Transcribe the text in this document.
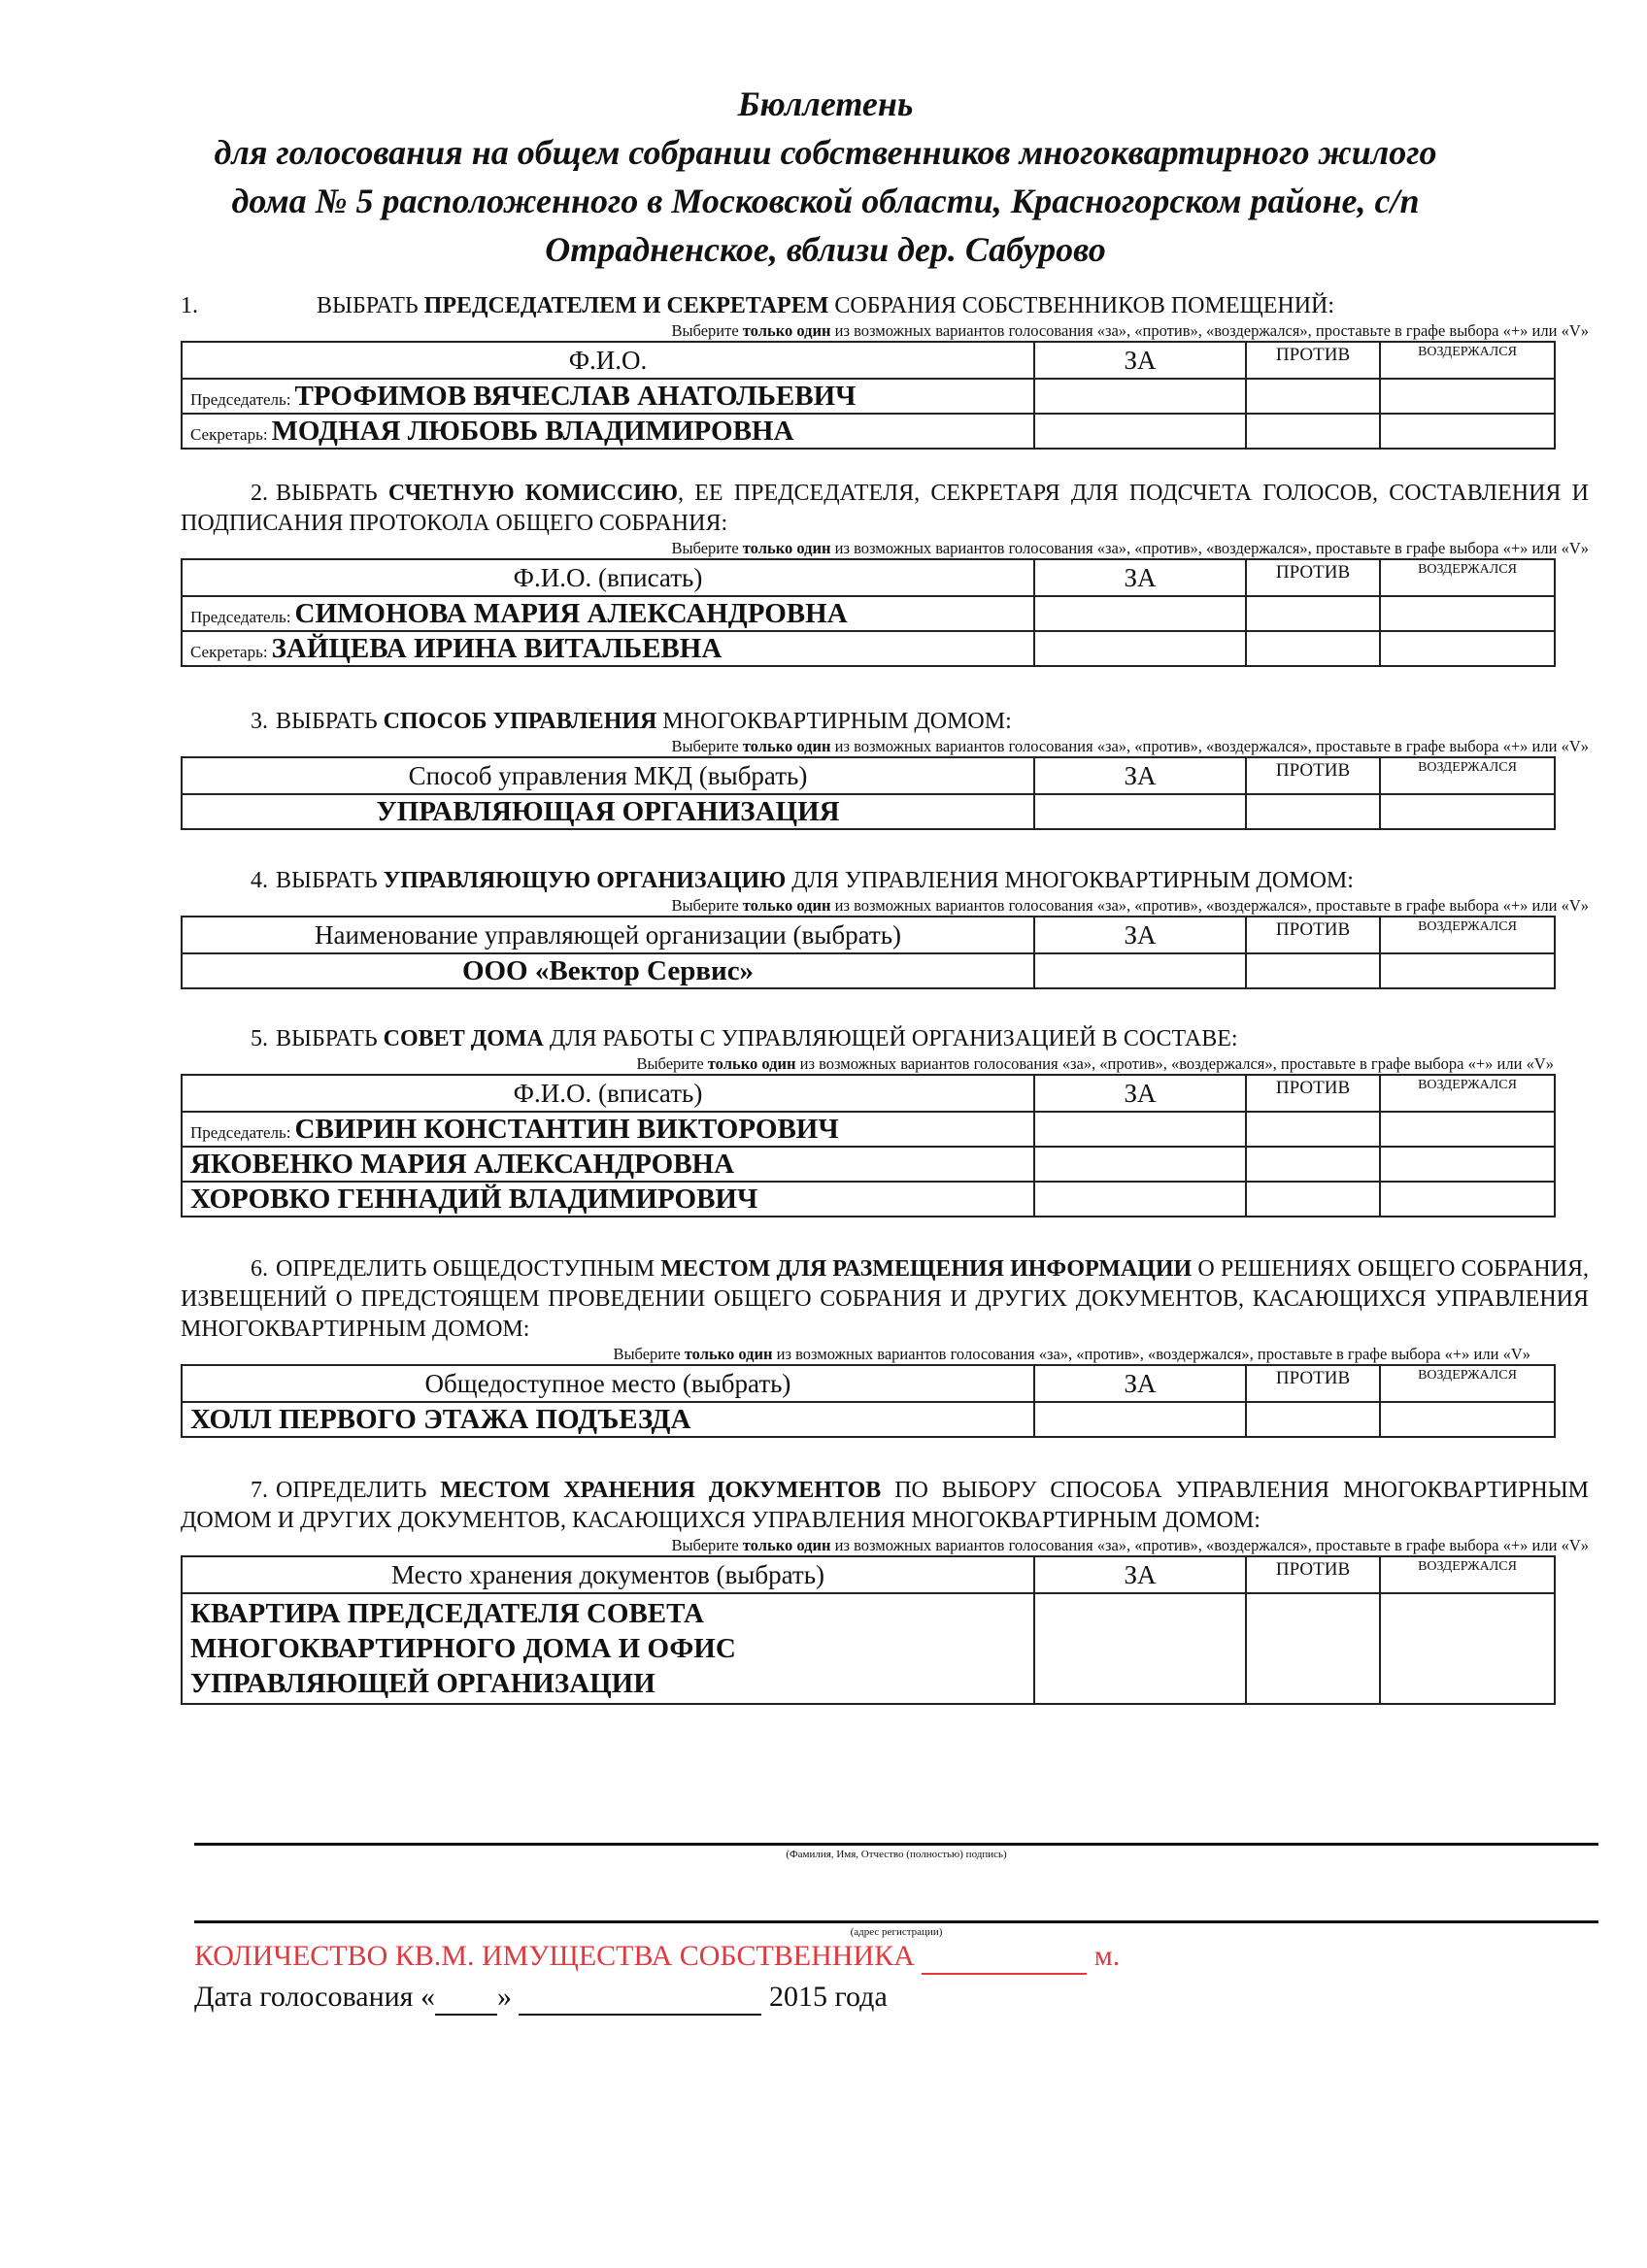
Бюллетень
для голосования на общем собрании собственников многоквартирного жилого дома № 5 расположенного в Московской области, Красногорском районе, с/п Отрадненское, вблизи дер. Сабурово
1.	ВЫБРАТЬ ПРЕДСЕДАТЕЛЕМ И СЕКРЕТАРЕМ СОБРАНИЯ СОБСТВЕННИКОВ ПОМЕЩЕНИЙ:
Выберите только один из возможных вариантов голосования «за», «против», «воздержался», проставьте в графе выбора «+» или «V»
Ф.И.О.	ЗА	ПРОТИВ	ВОЗДЕРЖАЛСЯ
Председатель: ТРОФИМОВ ВЯЧЕСЛАВ АНАТОЛЬЕВИЧ			
Секретарь: МОДНАЯ ЛЮБОВЬ ВЛАДИМИРОВНА			
2. ВЫБРАТЬ СЧЕТНУЮ КОМИССИЮ, ЕЕ ПРЕДСЕДАТЕЛЯ, СЕКРЕТАРЯ ДЛЯ ПОДСЧЕТА ГОЛОСОВ, СОСТАВЛЕНИЯ И ПОДПИСАНИЯ ПРОТОКОЛА ОБЩЕГО СОБРАНИЯ:
Выберите только один из возможных вариантов голосования «за», «против», «воздержался», проставьте в графе выбора «+» или «V»
Ф.И.О. (вписать)	ЗА	ПРОТИВ	ВОЗДЕРЖАЛСЯ
Председатель: СИМОНОВА МАРИЯ АЛЕКСАНДРОВНА			
Секретарь: ЗАЙЦЕВА ИРИНА ВИТАЛЬЕВНА			
3. ВЫБРАТЬ СПОСОБ УПРАВЛЕНИЯ МНОГОКВАРТИРНЫМ ДОМОМ:
Выберите только один из возможных вариантов голосования «за», «против», «воздержался», проставьте в графе выбора «+» или «V»
Способ управления МКД (выбрать)	ЗА	ПРОТИВ	ВОЗДЕРЖАЛСЯ
УПРАВЛЯЮЩАЯ ОРГАНИЗАЦИЯ			
4. ВЫБРАТЬ УПРАВЛЯЮЩУЮ ОРГАНИЗАЦИЮ ДЛЯ УПРАВЛЕНИЯ МНОГОКВАРТИРНЫМ ДОМОМ:
Выберите только один из возможных вариантов голосования «за», «против», «воздержался», проставьте в графе выбора «+» или «V»
Наименование управляющей организации (выбрать)	ЗА	ПРОТИВ	ВОЗДЕРЖАЛСЯ
ООО «Вектор Сервис»			
5. ВЫБРАТЬ СОВЕТ ДОМА ДЛЯ РАБОТЫ С УПРАВЛЯЮЩЕЙ ОРГАНИЗАЦИЕЙ В СОСТАВЕ:
Выберите только один из возможных вариантов голосования «за», «против», «воздержался», проставьте в графе выбора «+» или «V»
Ф.И.О. (вписать)	ЗА	ПРОТИВ	ВОЗДЕРЖАЛСЯ
Председатель: СВИРИН КОНСТАНТИН ВИКТОРОВИЧ			
ЯКОВЕНКО МАРИЯ АЛЕКСАНДРОВНА			
ХОРОВКО ГЕННАДИЙ ВЛАДИМИРОВИЧ			
6. ОПРЕДЕЛИТЬ ОБЩЕДОСТУПНЫМ МЕСТОМ ДЛЯ РАЗМЕЩЕНИЯ ИНФОРМАЦИИ О РЕШЕНИЯХ ОБЩЕГО СОБРАНИЯ, ИЗВЕЩЕНИЙ О ПРЕДСТОЯЩЕМ ПРОВЕДЕНИИ ОБЩЕГО СОБРАНИЯ И ДРУГИХ ДОКУМЕНТОВ, КАСАЮЩИХСЯ УПРАВЛЕНИЯ МНОГОКВАРТИРНЫМ ДОМОМ:
Выберите только один из возможных вариантов голосования «за», «против», «воздержался», проставьте в графе выбора «+» или «V»
Общедоступное место (выбрать)	ЗА	ПРОТИВ	ВОЗДЕРЖАЛСЯ
ХОЛЛ ПЕРВОГО ЭТАЖА ПОДЪЕЗДА			
7. ОПРЕДЕЛИТЬ МЕСТОМ ХРАНЕНИЯ ДОКУМЕНТОВ ПО ВЫБОРУ СПОСОБА УПРАВЛЕНИЯ МНОГОКВАРТИРНЫМ ДОМОМ И ДРУГИХ ДОКУМЕНТОВ, КАСАЮЩИХСЯ УПРАВЛЕНИЯ МНОГОКВАРТИРНЫМ ДОМОМ:
Выберите только один из возможных вариантов голосования «за», «против», «воздержался», проставьте в графе выбора «+» или «V»
Место хранения документов (выбрать)	ЗА	ПРОТИВ	ВОЗДЕРЖАЛСЯ

КВАРТИРА ПРЕДСЕДАТЕЛЯ СОВЕТА
МНОГОКВАРТИРНОГО ДОМА И ОФИС
УПРАВЛЯЮЩЕЙ ОРГАНИЗАЦИИ			

(Фамилия, Имя, Отчество (полностью) подпись)
(адрес регистрации)
КОЛИЧЕСТВО КВ.М. ИМУЩЕСТВА СОБСТВЕННИКА	м.
Дата голосования « »	2015 года
